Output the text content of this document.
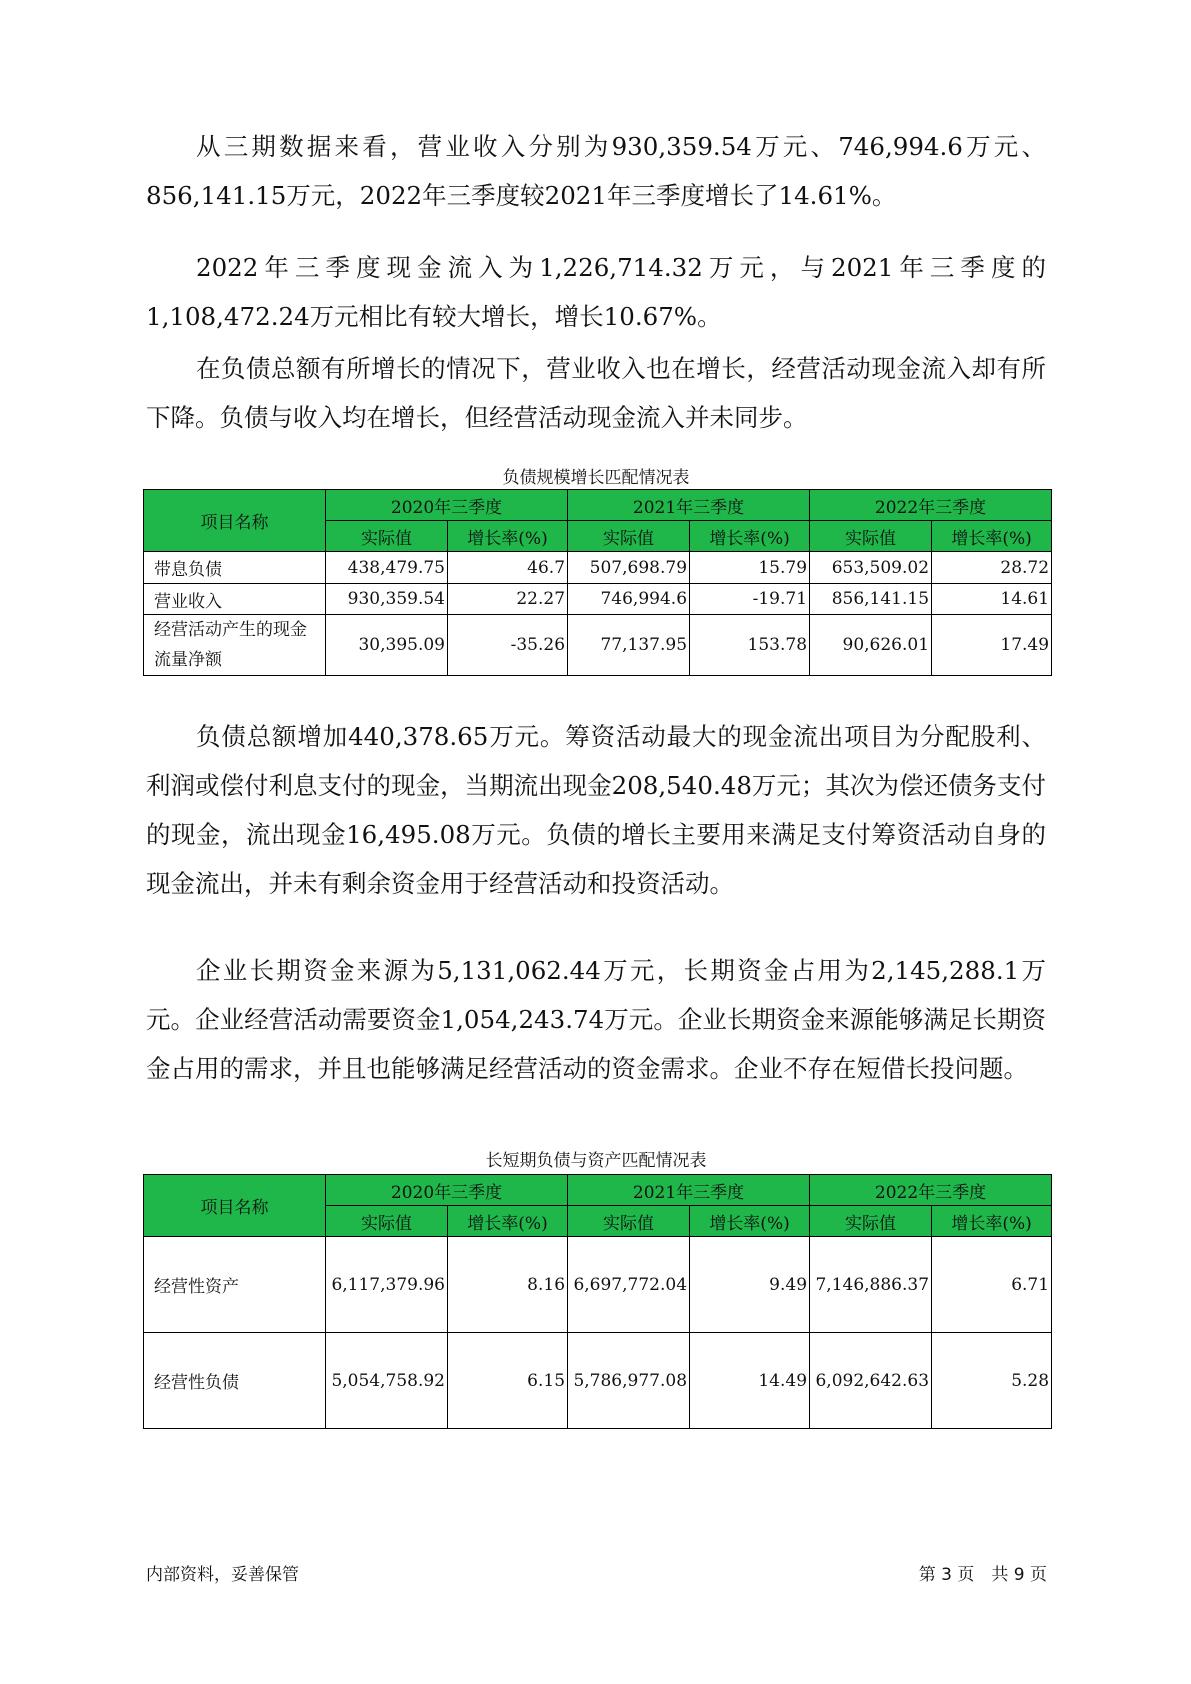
从三期数据来看，营业收入分别为930,359.54万元、746,994.6万元、856,141.15万元，2022年三季度较2021年三季度增长了14.61%。

2022年三季度现金流入为1,226,714.32万元，与2021年三季度的1,108,472.24万元相比有较大增长，增长10.67%。

在负债总额有所增长的情况下，营业收入也在增长，经营活动现金流入却有所下降。负债与收入均在增长，但经营活动现金流入并未同步。

负债规模增长匹配情况表
项目名称	2020年三季度		2021年三季度		2022年三季度	
	实际值	增长率(%)	实际值	增长率(%)	实际值	增长率(%)
带息负债	438,479.75	46.7	507,698.79	15.79	653,509.02	28.72
营业收入	930,359.54	22.27	746,994.6	-19.71	856,141.15	14.61
经营活动产生的现金流量净额	30,395.09	-35.26	77,137.95	153.78	90,626.01	17.49

负债总额增加440,378.65万元。筹资活动最大的现金流出项目为分配股利、利润或偿付利息支付的现金，当期流出现金208,540.48万元；其次为偿还债务支付的现金，流出现金16,495.08万元。负债的增长主要用来满足支付筹资活动自身的现金流出，并未有剩余资金用于经营活动和投资活动。

企业长期资金来源为5,131,062.44万元，长期资金占用为2,145,288.1万元。企业经营活动需要资金1,054,243.74万元。企业长期资金来源能够满足长期资金占用的需求，并且也能够满足经营活动的资金需求。企业不存在短借长投问题。

长短期负债与资产匹配情况表
项目名称	2020年三季度		2021年三季度		2022年三季度	
	实际值	增长率(%)	实际值	增长率(%)	实际值	增长率(%)
经营性资产	6,117,379.96	8.16	6,697,772.04	9.49	7,146,886.37	6.71
经营性负债	5,054,758.92	6.15	5,786,977.08	14.49	6,092,642.63	5.28
内部资料，妥善保管	第 3 页　共 9 页
